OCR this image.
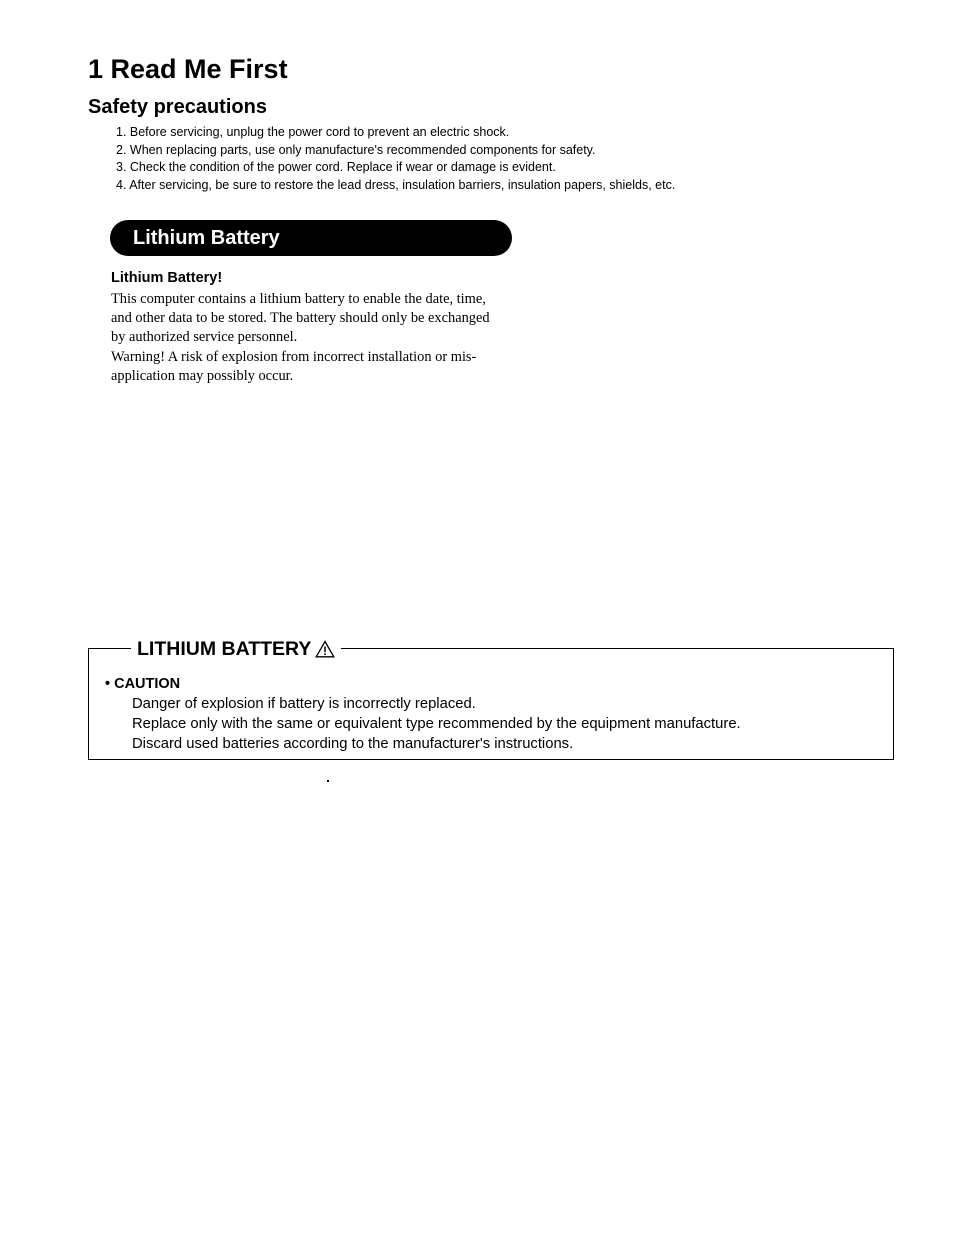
1 Read Me First
Safety precautions
1. Before servicing, unplug the power cord to prevent an electric shock.
2. When replacing parts, use only manufacture's recommended components for safety.
3. Check the condition of the power cord. Replace if wear or damage is evident.
4. After servicing, be sure to restore the lead dress, insulation barriers, insulation papers, shields, etc.
Lithium Battery
Lithium Battery!
This computer contains a lithium battery to enable the date, time,
and other data to be stored. The battery should only be exchanged
by authorized service personnel.
Warning! A risk of explosion from incorrect installation or mis-
application may possibly occur.
LITHIUM BATTERY
• CAUTION
Danger of explosion if battery is incorrectly replaced.
Replace only with the same or equivalent type recommended by the equipment manufacture.
Discard used batteries according to the manufacturer's instructions.
